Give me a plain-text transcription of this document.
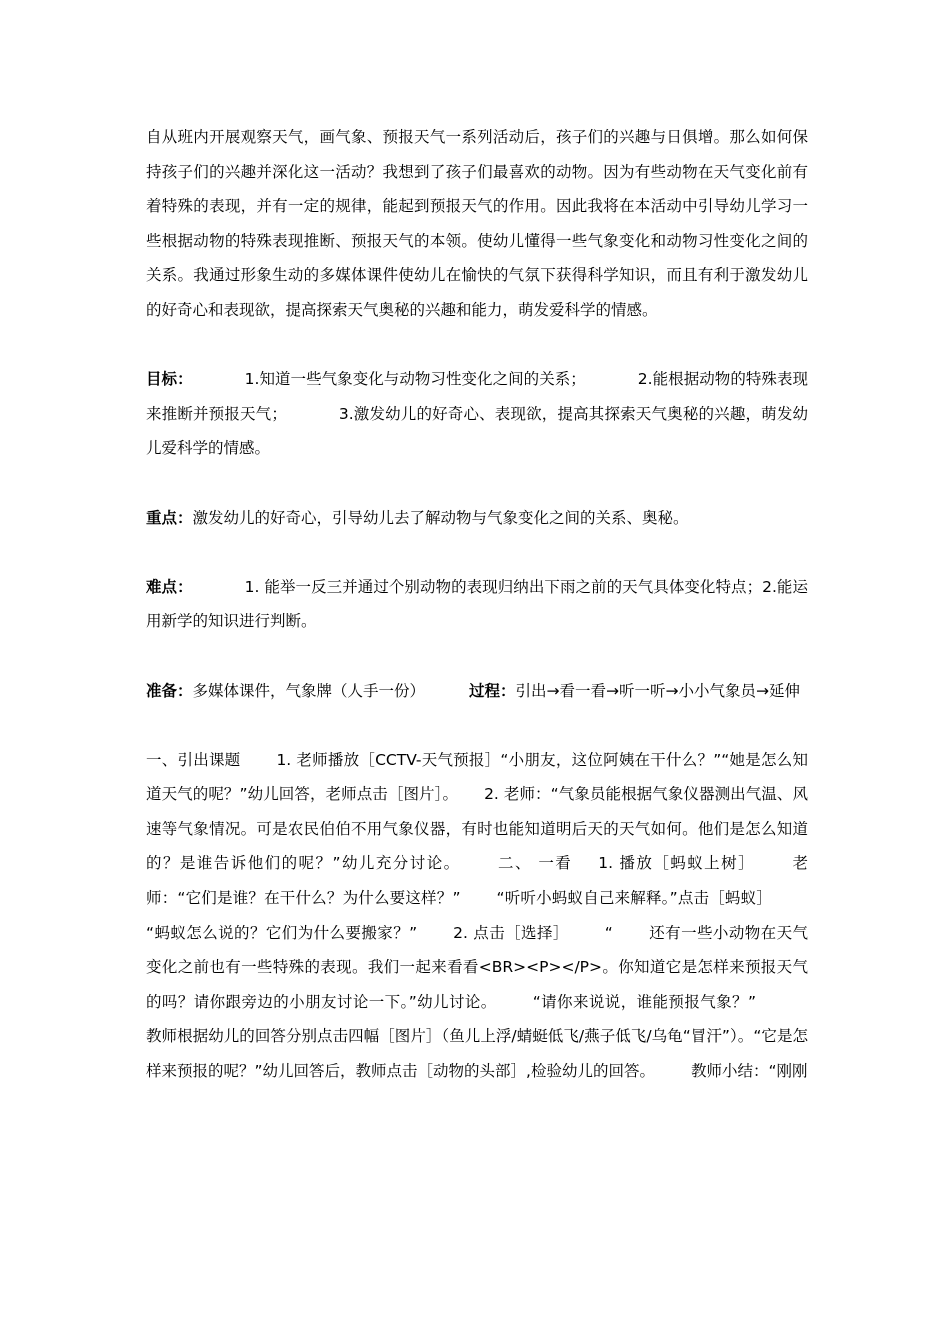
自从班内开展观察天气，画气象、预报天气一系列活动后，孩子们的兴趣与日俱增。那么如何保持孩子们的兴趣并深化这一活动？我想到了孩子们最喜欢的动物。因为有些动物在天气变化前有着特殊的表现，并有一定的规律，能起到预报天气的作用。因此我将在本活动中引导幼儿学习一些根据动物的特殊表现推断、预报天气的本领。使幼儿懂得一些气象变化和动物习性变化之间的关系。我通过形象生动的多媒体课件使幼儿在愉快的气氛下获得科学知识，而且有利于激发幼儿的好奇心和表现欲，提高探索天气奥秘的兴趣和能力，萌发爱科学的情感。

目标：	1.知道一些气象变化与动物习性变化之间的关系；	2.能根据动物的特殊表现来推断并预报天气；	3.激发幼儿的好奇心、表现欲，提高其探索天气奥秘的兴趣，萌发幼儿爱科学的情感。

重点：激发幼儿的好奇心，引导幼儿去了解动物与气象变化之间的关系、奥秘。

难点：	1. 能举一反三并通过个别动物的表现归纳出下雨之前的天气具体变化特点；2.能运用新学的知识进行判断。

准备：多媒体课件，气象牌（人手一份）	过程：引出→看一看→听一听→小小气象员→延伸

一、引出课题 1. 老师播放［CCTV-天气预报］“小朋友，这位阿姨在干什么？”“她是怎么知道天气的呢？”幼儿回答，老师点击［图片］。 2. 老师：“气象员能根据气象仪器测出气温、风速等气象情况。可是农民伯伯不用气象仪器，有时也能知道明后天的天气如何。他们是怎么知道的？是谁告诉他们的呢？”幼儿充分讨论。 二、 一看 1. 播放［蚂蚁上树］ 老师：“它们是谁？在干什么？为什么要这样？” “听听小蚂蚁自己来解释。”点击［蚂蚁］“蚂蚁怎么说的？它们为什么要搬家？” 2. 点击［选择］ “ 还有一些小动物在天气变化之前也有一些特殊的表现。我们一起来看看<BR><P></P>。你知道它是怎样来预报天气的吗？请你跟旁边的小朋友讨论一下。”幼儿讨论。 “请你来说说，谁能预报气象？”教师根据幼儿的回答分别点击四幅［图片］（鱼儿上浮/蜻蜓低飞/燕子低飞/乌龟“冒汗”）。“它是怎样来预报的呢？”幼儿回答后，教师点击［动物的头部］,检验幼儿的回答。 教师小结：“刚刚
